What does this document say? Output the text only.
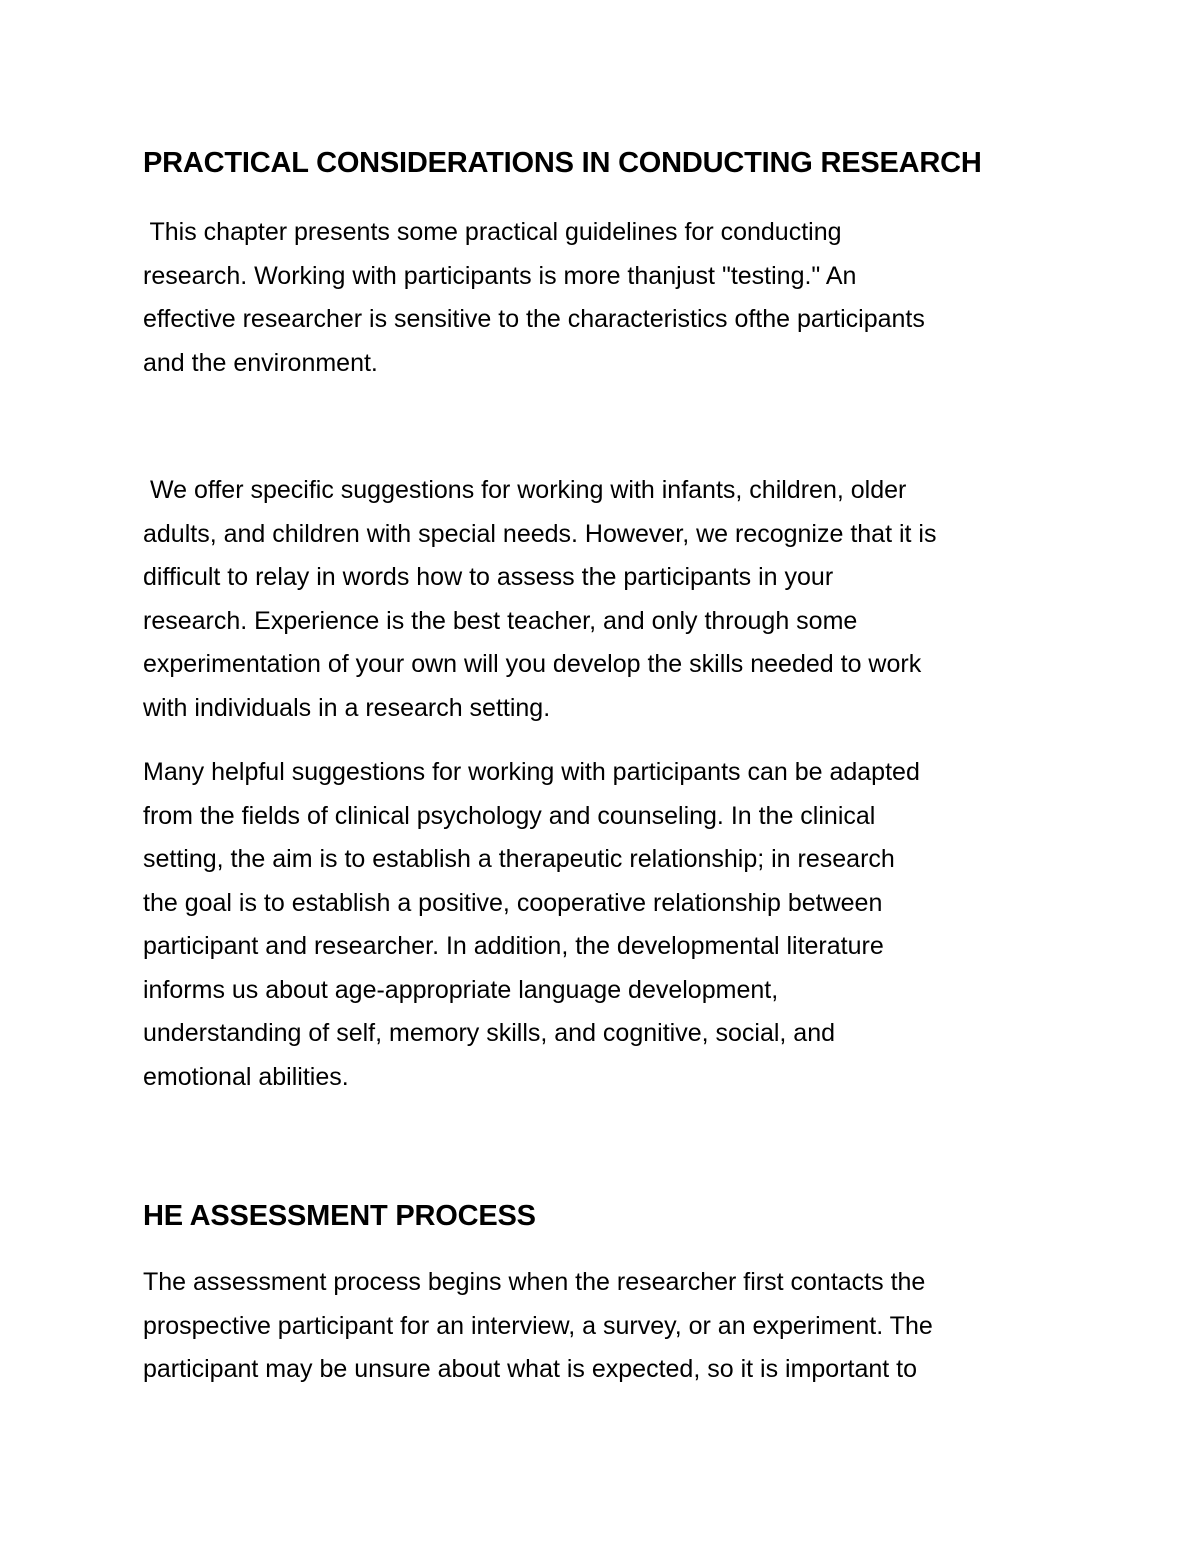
PRACTICAL CONSIDERATIONS IN CONDUCTING RESEARCH

This chapter presents some practical guidelines for conducting
research. Working with participants is more thanjust "testing." An
effective researcher is sensitive to the characteristics ofthe participants
and the environment.

We offer specific suggestions for working with infants, children, older
adults, and children with special needs. However, we recognize that it is
difficult to relay in words how to assess the participants in your
research. Experience is the best teacher, and only through some
experimentation of your own will you develop the skills needed to work
with individuals in a research setting.

Many helpful suggestions for working with participants can be adapted
from the fields of clinical psychology and counseling. In the clinical
setting, the aim is to establish a therapeutic relationship; in research
the goal is to establish a positive, cooperative relationship between
participant and researcher. In addition, the developmental literature
informs us about age-appropriate language development,
understanding of self, memory skills, and cognitive, social, and
emotional abilities.

HE ASSESSMENT PROCESS

The assessment process begins when the researcher first contacts the
prospective participant for an interview, a survey, or an experiment. The
participant may be unsure about what is expected, so it is important to
